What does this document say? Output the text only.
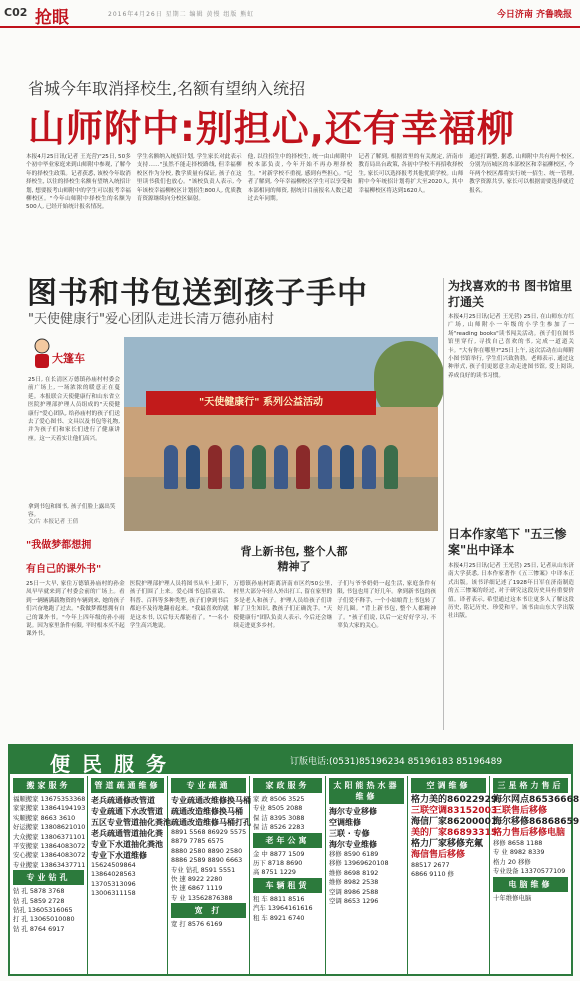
C02 抢眼	2016年4月26日 星期二 编辑 黄慢 组版 熊虹	今日济南 齐鲁晚报
省城今年取消择校生,名额有望纳入统招
山师附中:别担心,还有幸福柳
本报4月25日讯(记者 王光营)"25日, 50多个初中毕业家庭来到山师附中参观, 了解今年的择校生政策。记者获悉, 该校今年取消择校生, 以往的择校生名额有望纳入统招计划, 想要报考山师附中的学生可以报考幸福柳校区。"今年山师附中择校生的名额为500人, 已经开始统计报名情况。
学生名额纳入统招计划, 学生家长对此表示支持……"虽然不能走择校路线, 但幸福柳校区作为分校, 教学质量有保证, 孩子在这里读书我们也放心。"该校负责人表示, 今年该校幸福柳校区计划招生800人, 优质教育资源继续向分校区辐射。
他, 以往招生中的择校生, 统一由山师附中校本部负责, 今年开始不再办理择校生。"对新学校不重视, 感到有些担心。"记者了解到, 今年幸福柳校区学生可以享受和本部相同的师资, 据统计目前报名人数已超过去年同期。
记者了解到, 根据省里的有关规定, 济南市教育局出台政策, 各初中学校不再招收择校生, 家长可以选择报考其他优质学校。山师附中今年统招计划将扩大至2020人, 其中幸福柳校区将达到1620人。
通过打调整, 据悉, 山师附中共有两个校区, 分别为历城区的本部校区和幸福柳校区, 今年两个校区都将实行统一招生、统一管理, 教学资源共享, 家长可以根据需要选择就近报名。
图书和书包送到孩子手中
"天使健康行"爱心团队走进长清万德孙庙村
大篷车
"天使健康行" 系列公益活动
25日, 在长清区万德镇孙庙村村委会前广场上, 一场浓浓的暖意正在蔓延。本报联合天使健康行和山东省立医院护理部护理人员组成的"天使健康行"爱心团队, 给孙庙村的孩子们送去了爱心图书、文具以及书包等礼物, 并为孩子们和家长们进行了健康讲座。这一天着实让他们高兴。
拿到书包和图书, 孩子们脸上露出笑容。
文/片 本报记者 王倩
"我做梦都想拥
有自己的课外书"
背上新书包, 整个人都精神了
25日一大早, 家住万德镇孙庙村的孙金凤早早就来到了村委会前的广场上。看到一辆辆满载物资的车辆到来, 她的孩子们兴奋地跑了过去。"我做梦都想拥有自己的课外书。"今年上四年级的孙小雨说。因为家里条件有限, 平时根本买不起课外书。
医院护理部护理人员将图书从车上卸下, 孩子们围了上来。爱心图书包括童话、科普、百科等多种类型, 孩子们拿到书后都迫不及待地翻看起来。"我最喜欢的就是这本书, 以后每天都能看了。"一名小学生高兴地说。
万德镇孙庙村距离济南市区约50公里, 村里大部分年轻人外出打工, 留在家里的多是老人和孩子。护理人员给孩子们讲解了卫生知识, 教孩子们正确洗手。"天使健康行"团队负责人表示, 今后还会继续走进更多乡村。
子们与爷爷奶奶一起生活, 家庭条件有限, 书包也用了好几年。拿到新书包的孩子们爱不释手, 一个小姑娘背上书包转了好几圈。"背上新书包, 整个人都精神了。"孩子们说, 以后一定好好学习, 不辜负大家的关心。
为找喜欢的书 图书馆里打通关
本报4月25日讯(记者 王光营) 25日, 在山师东方红广场, 山师附小一年级的小学生参加了一场"reading books"读书闯关活动。孩子们在图书馆里穿行, 寻找自己喜欢的书, 完成一道道关卡。"大有你在哪里?"25日上午, 这次活动在山师附小图书馆举行, 学生们兴致勃勃。老师表示, 通过这种形式, 孩子们更愿意主动走进图书馆, 爱上阅读, 养成良好的读书习惯。
日本作家笔下 "五三惨案"出中译本
本报4月25日讯(记者 王光营) 25日, 记者从山东济南大学获悉, 日本作家著作《五三惨案》中译本正式出版。该书详细记述了1928年日军在济南制造的五三惨案的经过, 对于研究这段历史具有重要价值。译者表示, 希望通过这本书让更多人了解这段历史, 铭记历史、珍爱和平。该书由山东大学出版社出版。
便民服务	订版电话:(0531)85196234 85196183 85196489
搬家服务
福顺搬家 13675353368
家家搬家 13864194193
实顺搬家 8663 3610
好运搬家 13808621010
大众搬家 13806371101
平安搬家 13864083072
安心搬家 13864083072
专业搬家 13863437711
专业钻孔
钻 孔 5878 3768
钻 孔 5859 2728
钻孔 13605316065
打 孔 13065010080
钻 孔 8764 6917
管道疏通维修
老兵疏通修改管道
专业疏通下水改管道
五区专业管道抽化粪池
老兵疏通管道抽化粪
专业下水道抽化粪池
专业下水道维修
15624509864
13864028563
13705313096
13006311158
专业疏通
专业疏通改维修换马桶
疏通改造维修换马桶
疏通改造维修马桶打孔
8891 5568 86929 5575
8879 7785 6575
8880 2580 8890 2580
8886 2589 8890 6663
专业 钻孔 8591 5551
快 速 8922 2280
快 速 6867 1119
专 业 13562876388
宽 打
宽 打 8576 6169
家政服务
家 政 8506 3525
专业 8505 2088
保 洁 8395 3088
保 洁 8526 2283
老年公寓
金 中 8877 1509
历下 8718 8690
高 8751 1229
车辆租赁
租 车 8811 8516
汽车 13964161616
租 车 8921 6740
太阳能热水器维修
海尔专业移修
空调维修
三联 · 专修
海尔专业维修
移修 8590 6189
移修 13969620108
维修 8698 8192
维修 8982 2538
空调 8986 2588
空调 8653 1296
空调维修
格力美的86022929
三联空调83152003
海信厂家86200001
美的厂家86893315
格力厂家移修充氟
海信售后移修
88517 2677
6866 9110 修
三星格力售后
海尔网点86536668
三联售后移修
海尔移修86868659
格力售后移修电脑
移修 8658 1188
专 业 8982 8339
格力 20 移修
专业设备 13370577109
电脑维修
十年维修电脑
